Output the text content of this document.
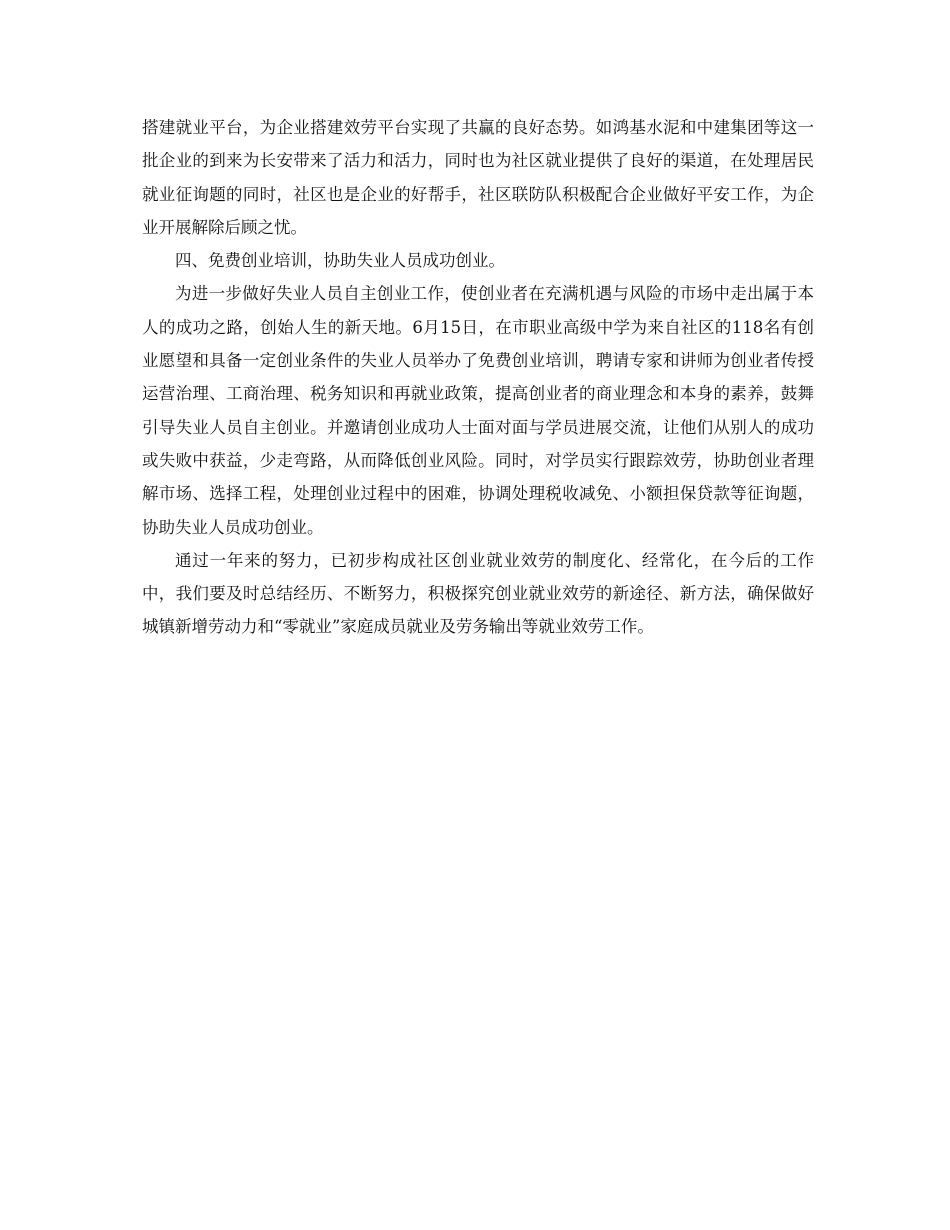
搭建就业平台，为企业搭建效劳平台实现了共赢的良好态势。如鸿基水泥和中建集团等这一批企业的到来为长安带来了活力和活力，同时也为社区就业提供了良好的渠道，在处理居民就业征询题的同时，社区也是企业的好帮手，社区联防队积极配合企业做好平安工作，为企业开展解除后顾之忧。

四、免费创业培训，协助失业人员成功创业。

为进一步做好失业人员自主创业工作，使创业者在充满机遇与风险的市场中走出属于本人的成功之路，创始人生的新天地。6月15日，在市职业高级中学为来自社区的118名有创业愿望和具备一定创业条件的失业人员举办了免费创业培训，聘请专家和讲师为创业者传授运营治理、工商治理、税务知识和再就业政策，提高创业者的商业理念和本身的素养，鼓舞引导失业人员自主创业。并邀请创业成功人士面对面与学员进展交流，让他们从别人的成功或失败中获益，少走弯路，从而降低创业风险。同时，对学员实行跟踪效劳，协助创业者理解市场、选择工程，处理创业过程中的困难，协调处理税收减免、小额担保贷款等征询题，协助失业人员成功创业。

通过一年来的努力，已初步构成社区创业就业效劳的制度化、经常化，在今后的工作中，我们要及时总结经历、不断努力，积极探究创业就业效劳的新途径、新方法，确保做好城镇新增劳动力和“零就业”家庭成员就业及劳务输出等就业效劳工作。
